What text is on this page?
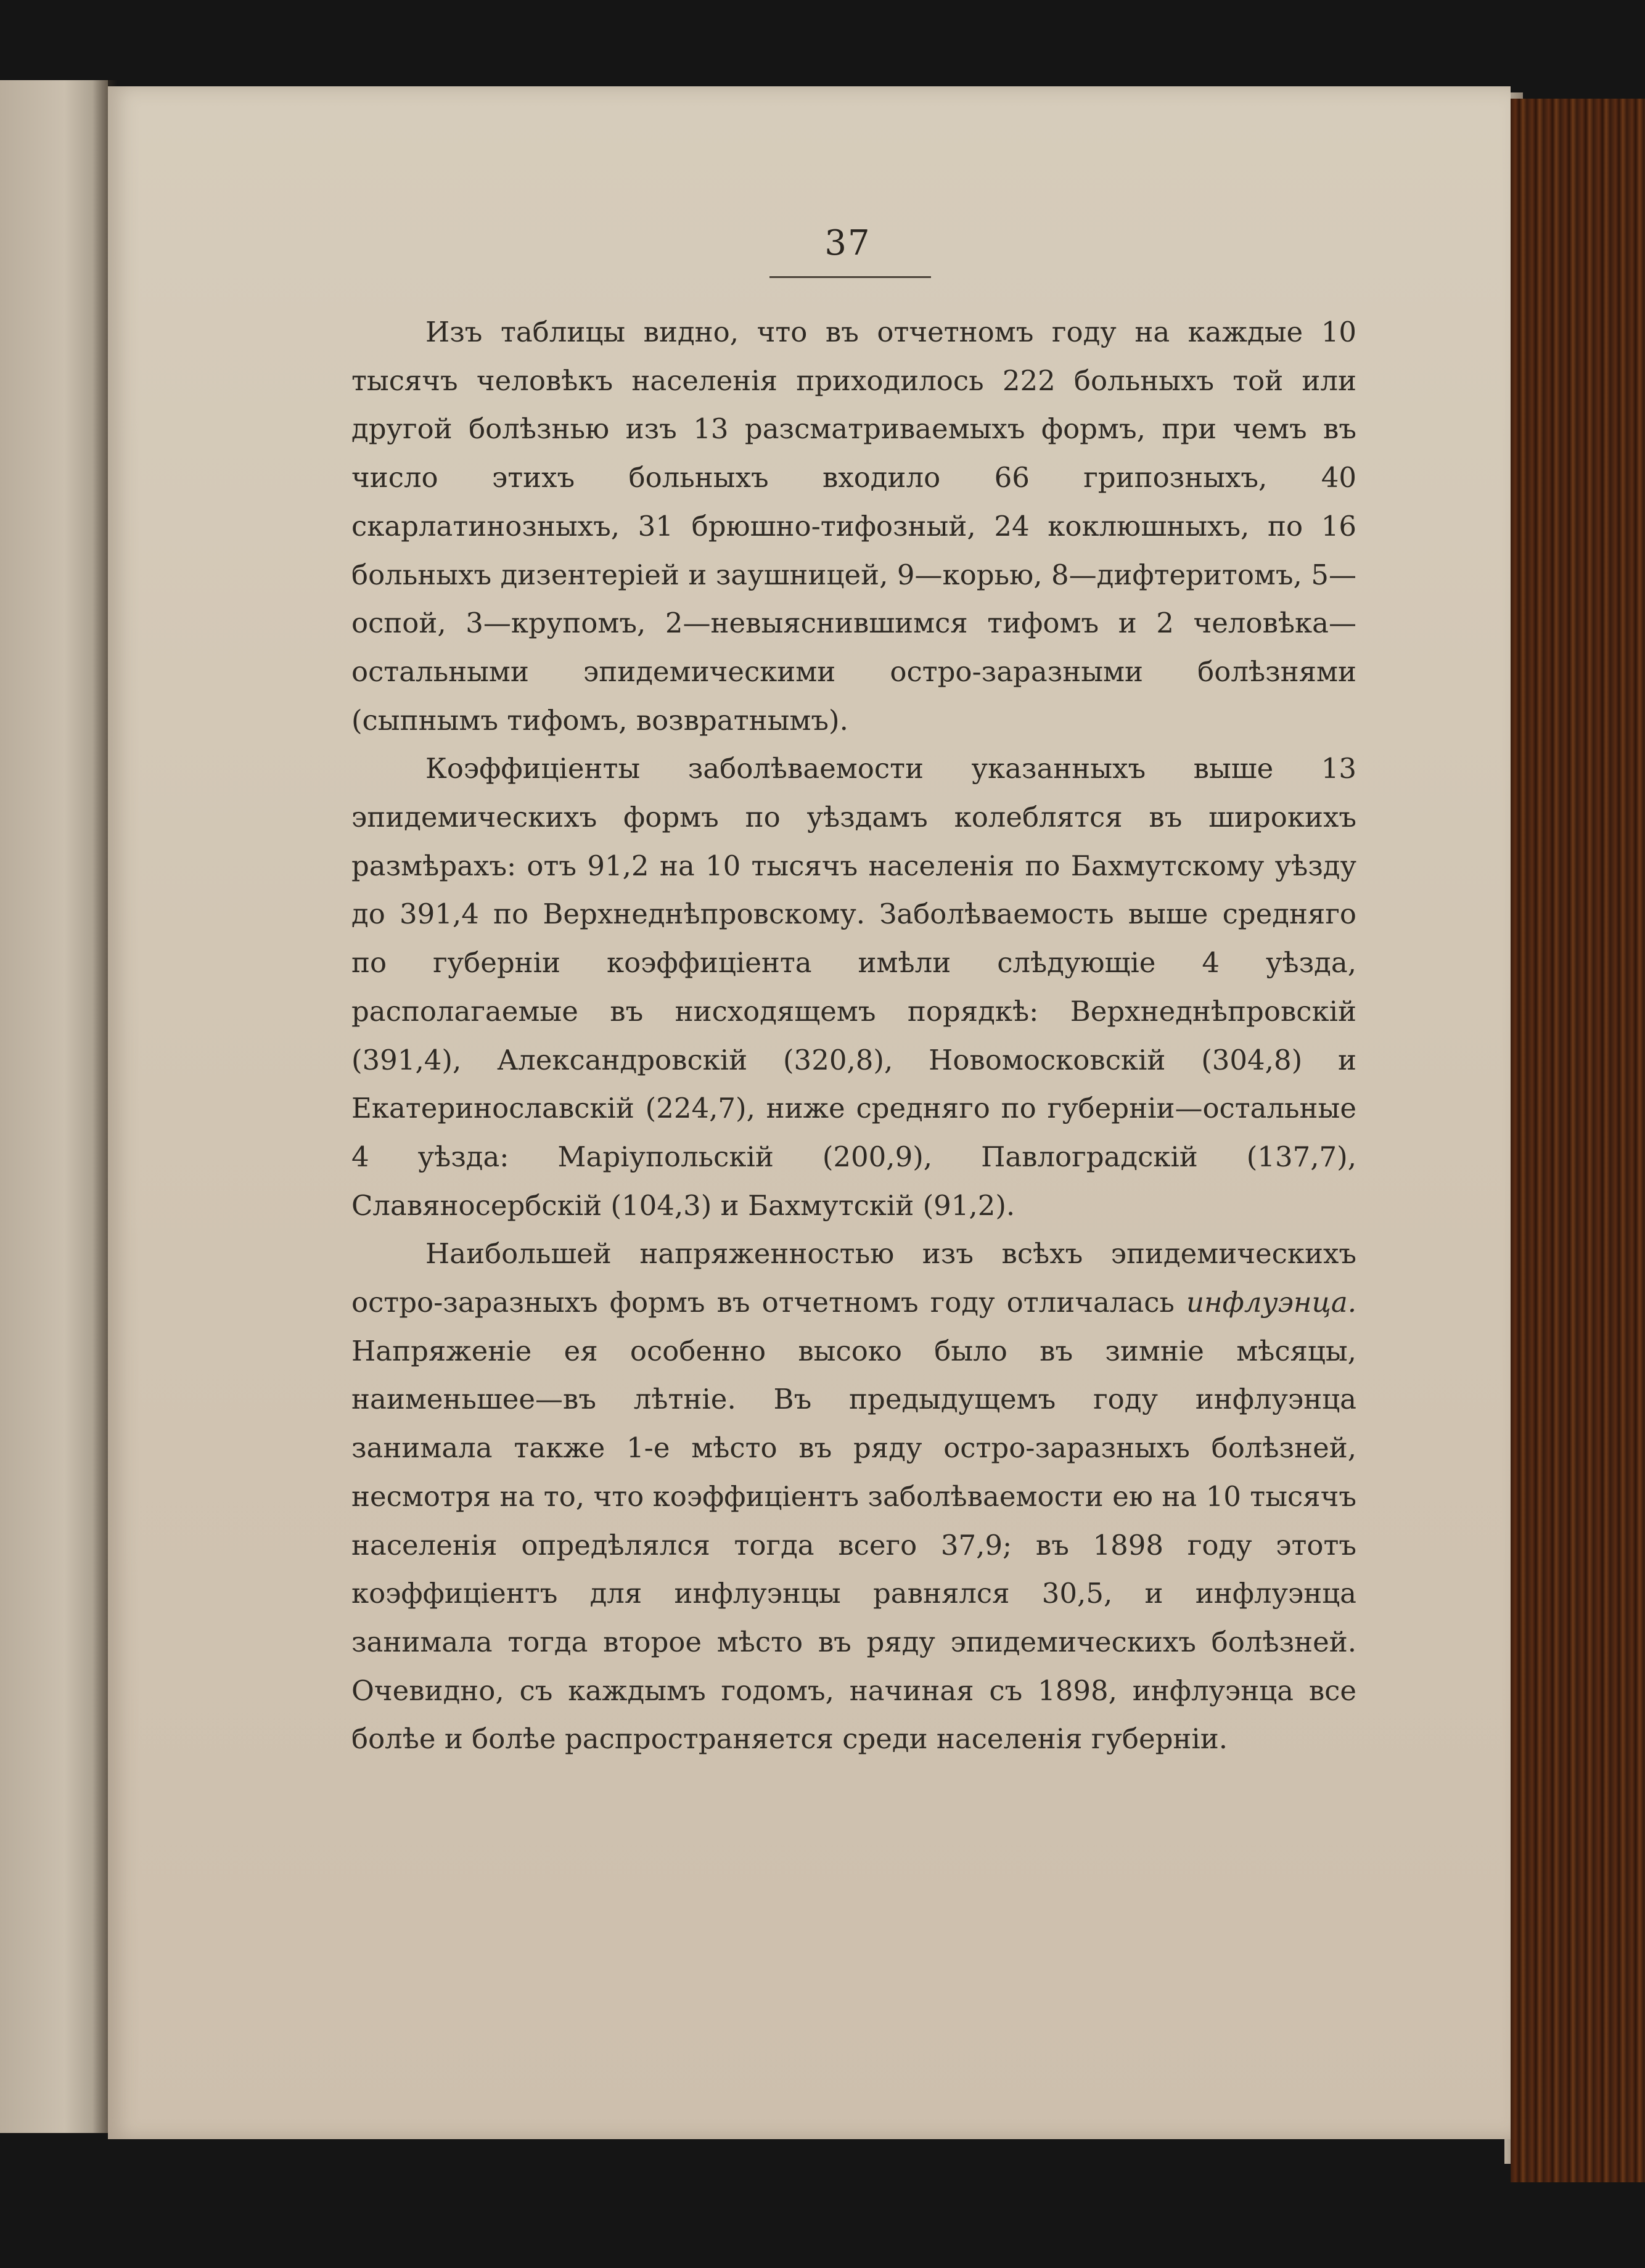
37

Изъ таблицы видно, что въ отчетномъ году на каждые 10 тысячъ человѣкъ населенія приходилось 222 больныхъ той или другой болѣзнью изъ 13 разсматриваемыхъ формъ, при чемъ въ число этихъ больныхъ входило 66 грипозныхъ, 40 скарлатинозныхъ, 31 брюшно-тифозный, 24 коклюшныхъ, по 16 больныхъ дизентеріей и заушницей, 9—корью, 8—дифтеритомъ, 5—оспой, 3—крупомъ, 2—невыяснившимся тифомъ и 2 человѣка—остальными эпидемическими остро-заразными болѣзнями (сыпнымъ тифомъ, возвратнымъ).

Коэффиціенты заболѣваемости указанныхъ выше 13 эпидемическихъ формъ по уѣздамъ колеблятся въ широкихъ размѣрахъ: отъ 91,2 на 10 тысячъ населенія по Бахмутскому уѣзду до 391,4 по Верхнеднѣпровскому. Заболѣваемость выше средняго по губерніи коэффиціента имѣли слѣдующіе 4 уѣзда, располагаемые въ нисходящемъ порядкѣ: Верхнеднѣпровскій (391,4), Александровскій (320,8), Новомосковскій (304,8) и Екатеринославскій (224,7), ниже средняго по губерніи—остальные 4 уѣзда: Маріупольскій (200,9), Павлоградскій (137,7), Славяносербскій (104,3) и Бахмутскій (91,2).

Наибольшей напряженностью изъ всѣхъ эпидемическихъ остро-заразныхъ формъ въ отчетномъ году отличалась инфлуэнца. Напряженіе ея особенно высоко было въ зимніе мѣсяцы, наименьшее—въ лѣтніе. Въ предыдущемъ году инфлуэнца занимала также 1-е мѣсто въ ряду остро-заразныхъ болѣзней, несмотря на то, что коэффиціентъ заболѣваемости ею на 10 тысячъ населенія опредѣлялся тогда всего 37,9; въ 1898 году этотъ коэффиціентъ для инфлуэнцы равнялся 30,5, и инфлуэнца занимала тогда второе мѣсто въ ряду эпидемическихъ болѣзней. Очевидно, съ каждымъ годомъ, начиная съ 1898, инфлуэнца все болѣе и болѣе распространяется среди населенія губерніи.
